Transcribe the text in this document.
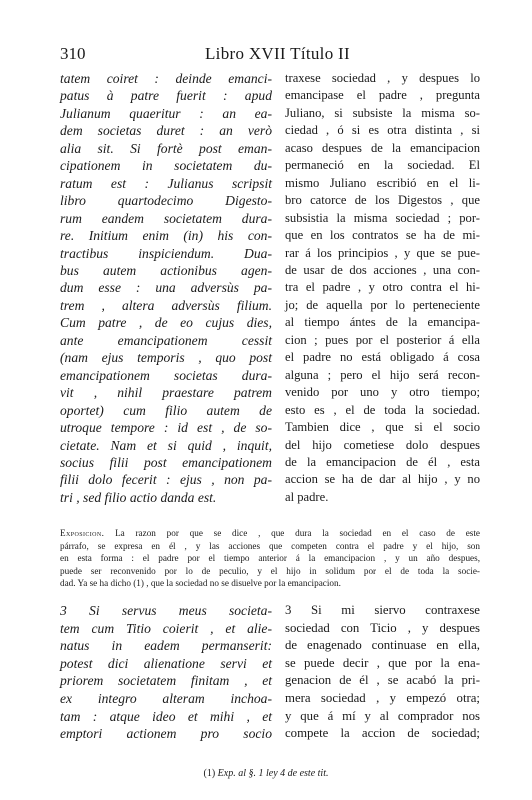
310	Libro XVII Título II
tatem coiret : deinde emanci-
patus à patre fuerit : apud
Julianum quaeritur : an ea-
dem societas duret : an verò
alia sit. Si fortè post eman-
cipationem in societatem du-
ratum est : Julianus scripsit
libro quartodecimo Digesto-
rum eandem societatem dura-
re. Initium enim (in) his con-
tractibus inspiciendum. Dua-
bus autem actionibus agen-
dum esse : una adversùs pa-
trem , altera adversùs filium.
Cum patre , de eo cujus dies,
ante emancipationem cessit
(nam ejus temporis , quo post
emancipationem societas dura-
vit , nihil praestare patrem
oportet) cum filio autem de
utroque tempore : id est , de so-
cietate. Nam et si quid , inquit,
socius filii post emancipationem
filii dolo fecerit : ejus , non pa-
tri , sed filio actio danda est.
traxese sociedad , y despues lo
emancipase el padre , pregunta
Juliano, si subsiste la misma so-
ciedad , ó si es otra distinta , si
acaso despues de la emancipacion
permaneció en la sociedad. El
mismo Juliano escribió en el li-
bro catorce de los Digestos , que
subsistia la misma sociedad ; por-
que en los contratos se ha de mi-
rar á los principios , y que se pue-
de usar de dos acciones , una con-
tra el padre , y otro contra el hi-
jo; de aquella por lo perteneciente
al tiempo ántes de la emancipa-
cion ; pues por el posterior á ella
el padre no está obligado á cosa
alguna ; pero el hijo será recon-
venido por uno y otro tiempo;
esto es , el de toda la sociedad.
Tambien dice , que si el socio
del hijo cometiese dolo despues
de la emancipacion de él , esta
accion se ha de dar al hijo , y no
al padre.
Exposicion. La razon por que se dice , que dura la sociedad en el caso de este
párrafo, se expresa en él , y las acciones que competen contra el padre y el hijo, son
en esta forma : el padre por el tiempo anterior á la emancipacion , y un año despues,
puede ser reconvenido por lo de peculio, y el hijo in solidum por el de toda la socie-
dad. Ya se ha dicho (1) , que la sociedad no se disuelve por la emancipacion.
3 Si servus meus societa-
tem cum Titio coierit , et alie-
natus in eadem permanserit:
potest dici alienatione servi et
priorem societatem finitam , et
ex integro alteram inchoa-
tam : atque ideo et mihi , et
emptori actionem pro socio
3 Si mi siervo contraxese
sociedad con Ticio , y despues
de enagenado continuase en ella,
se puede decir , que por la ena-
genacion de él , se acabó la pri-
mera sociedad , y empezó otra;
y que á mí y al comprador nos
compete la accion de sociedad;
(1) Exp. al §. 1 ley 4 de este tit.
